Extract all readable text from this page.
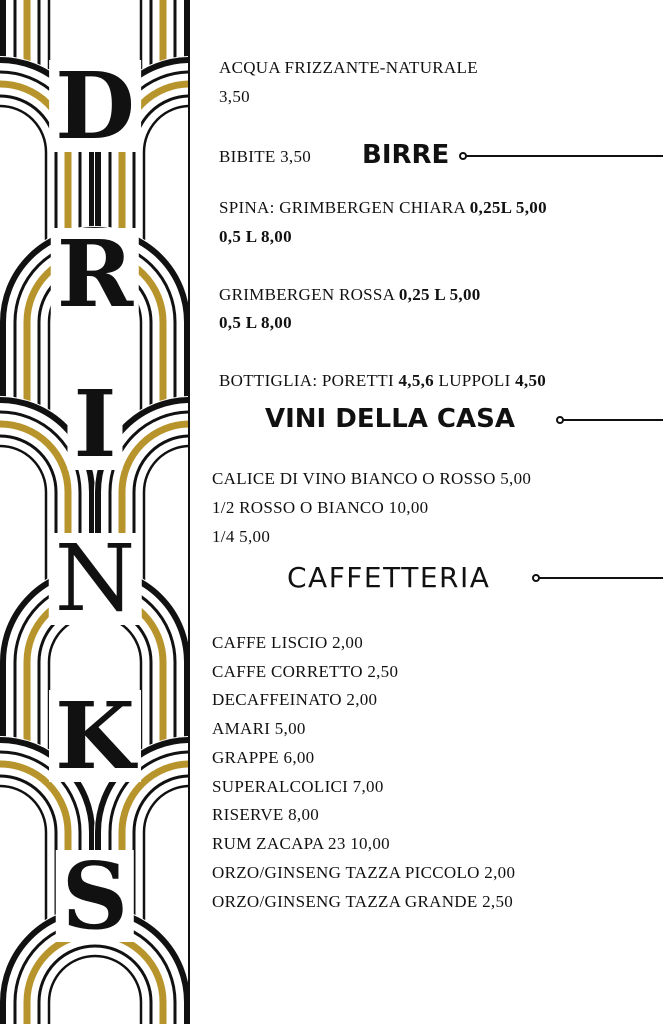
D
R
I
N
K
S
ACQUA FRIZZANTE-NATURALE
3,50
BIBITE 3,50 BIRRE
SPINA: GRIMBERGEN CHIARA 0,25L 5,00
0,5 L 8,00
GRIMBERGEN ROSSA 0,25 L 5,00
0,5 L 8,00
BOTTIGLIA: PORETTI 4,5,6 LUPPOLI 4,50
VINI DELLA CASA
CALICE DI VINO BIANCO O ROSSO 5,00
1/2 ROSSO O BIANCO 10,00
1/4 5,00
CAFFETTERIA
CAFFE LISCIO 2,00
CAFFE CORRETTO 2,50
DECAFFEINATO 2,00
AMARI 5,00
GRAPPE 6,00
SUPERALCOLICI 7,00
RISERVE 8,00
RUM ZACAPA 23 10,00
ORZO/GINSENG TAZZA PICCOLO 2,00
ORZO/GINSENG TAZZA GRANDE 2,50
